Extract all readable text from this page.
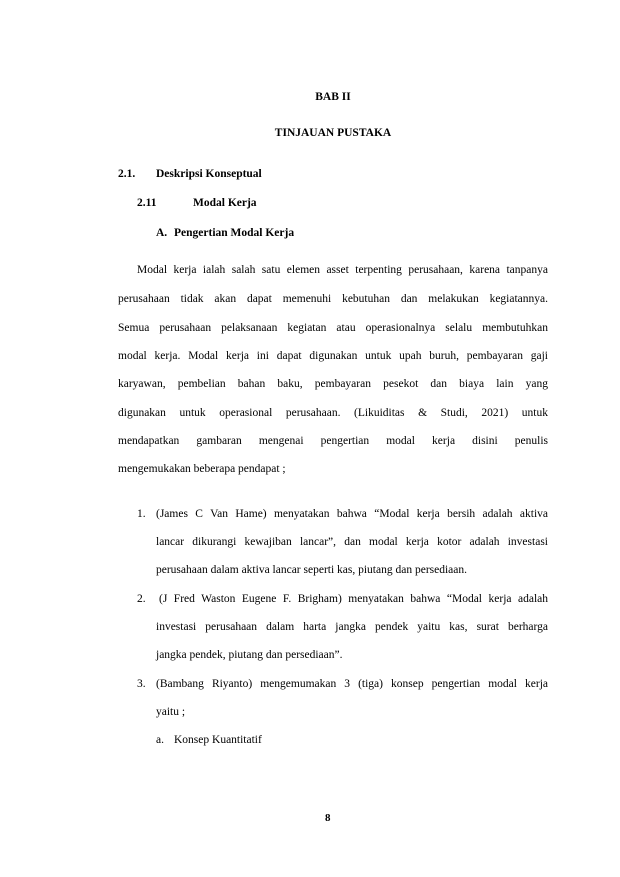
BAB II
TINJAUAN PUSTAKA
2.1. Deskripsi Konseptual
2.11	Modal Kerja
A. Pengertian Modal Kerja
Modal kerja ialah salah satu elemen asset terpenting perusahaan, karena tanpanya
perusahaan tidak akan dapat memenuhi kebutuhan dan melakukan kegiatannya.
Semua perusahaan pelaksanaan kegiatan atau operasionalnya selalu membutuhkan
modal kerja. Modal kerja ini dapat digunakan untuk upah buruh, pembayaran gaji
karyawan, pembelian bahan baku, pembayaran pesekot dan biaya lain yang
digunakan untuk operasional perusahaan. (Likuiditas & Studi, 2021) untuk
mendapatkan gambaran mengenai pengertian modal kerja disini penulis
mengemukakan beberapa pendapat ;
1. (James C Van Hame) menyatakan bahwa “Modal kerja bersih adalah aktiva
lancar dikurangi kewajiban lancar”, dan modal kerja kotor adalah investasi
perusahaan dalam aktiva lancar seperti kas, piutang dan persediaan.
2. (J Fred Waston Eugene F. Brigham) menyatakan bahwa “Modal kerja adalah
investasi perusahaan dalam harta jangka pendek yaitu kas, surat berharga
jangka pendek, piutang dan persediaan”.
3. (Bambang Riyanto) mengemumakan 3 (tiga) konsep pengertian modal kerja
yaitu ;
a. Konsep Kuantitatif
8
